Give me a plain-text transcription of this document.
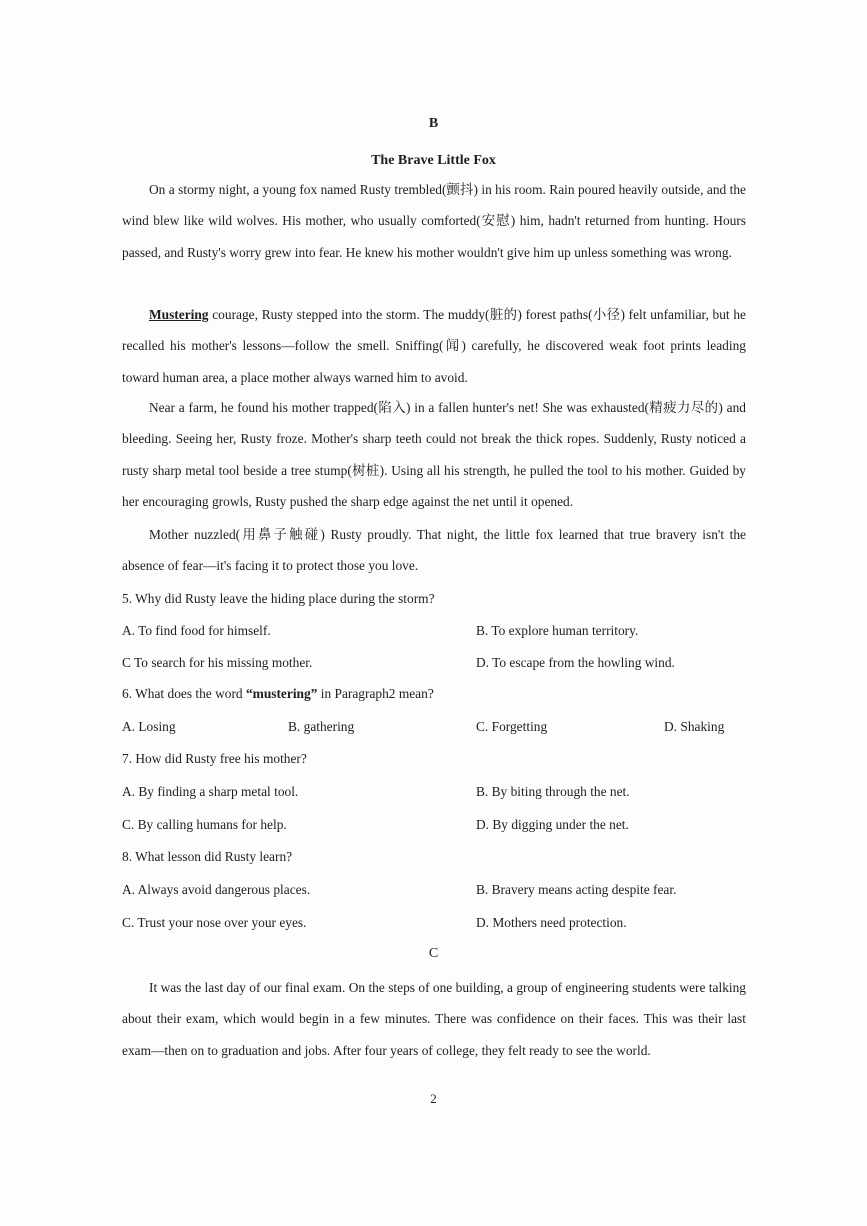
B
The Brave Little Fox

On a stormy night, a young fox named Rusty trembled(颤抖) in his room. Rain poured heavily outside, and the wind blew like wild wolves. His mother, who usually comforted(安慰) him, hadn't returned from hunting. Hours passed, and Rusty's worry grew into fear. He knew his mother wouldn't give him up unless something was wrong.

Mustering courage, Rusty stepped into the storm. The muddy(脏的) forest paths(小径) felt unfamiliar, but he recalled his mother's lessons—follow the smell. Sniffing(闻) carefully, he discovered weak foot prints leading toward human area, a place mother always warned him to avoid.

Near a farm, he found his mother trapped(陷入) in a fallen hunter's net! She was exhausted(精疲力尽的) and bleeding. Seeing her, Rusty froze. Mother's sharp teeth could not break the thick ropes. Suddenly, Rusty noticed a rusty sharp metal tool beside a tree stump(树桩). Using all his strength, he pulled the tool to his mother. Guided by her encouraging growls, Rusty pushed the sharp edge against the net until it opened.

Mother nuzzled(用鼻子触碰) Rusty proudly. That night, the little fox learned that true bravery isn't the absence of fear—it's facing it to protect those you love.

5. Why did Rusty leave the hiding place during the storm?
A. To find food for himself.	B. To explore human territory.
C To search for his missing mother.	D. To escape from the howling wind.
6. What does the word “mustering” in Paragraph2 mean?
A. Losing	B. gathering	C. Forgetting	D. Shaking
7. How did Rusty free his mother?
A. By finding a sharp metal tool.	B. By biting through the net.
C. By calling humans for help.	D. By digging under the net.
8. What lesson did Rusty learn?
A. Always avoid dangerous places.	B. Bravery means acting despite fear.
C. Trust your nose over your eyes.	D. Mothers need protection.
C

It was the last day of our final exam. On the steps of one building, a group of engineering students were talking about their exam, which would begin in a few minutes. There was confidence on their faces. This was their last exam—then on to graduation and jobs. After four years of college, they felt ready to see the world.

2
